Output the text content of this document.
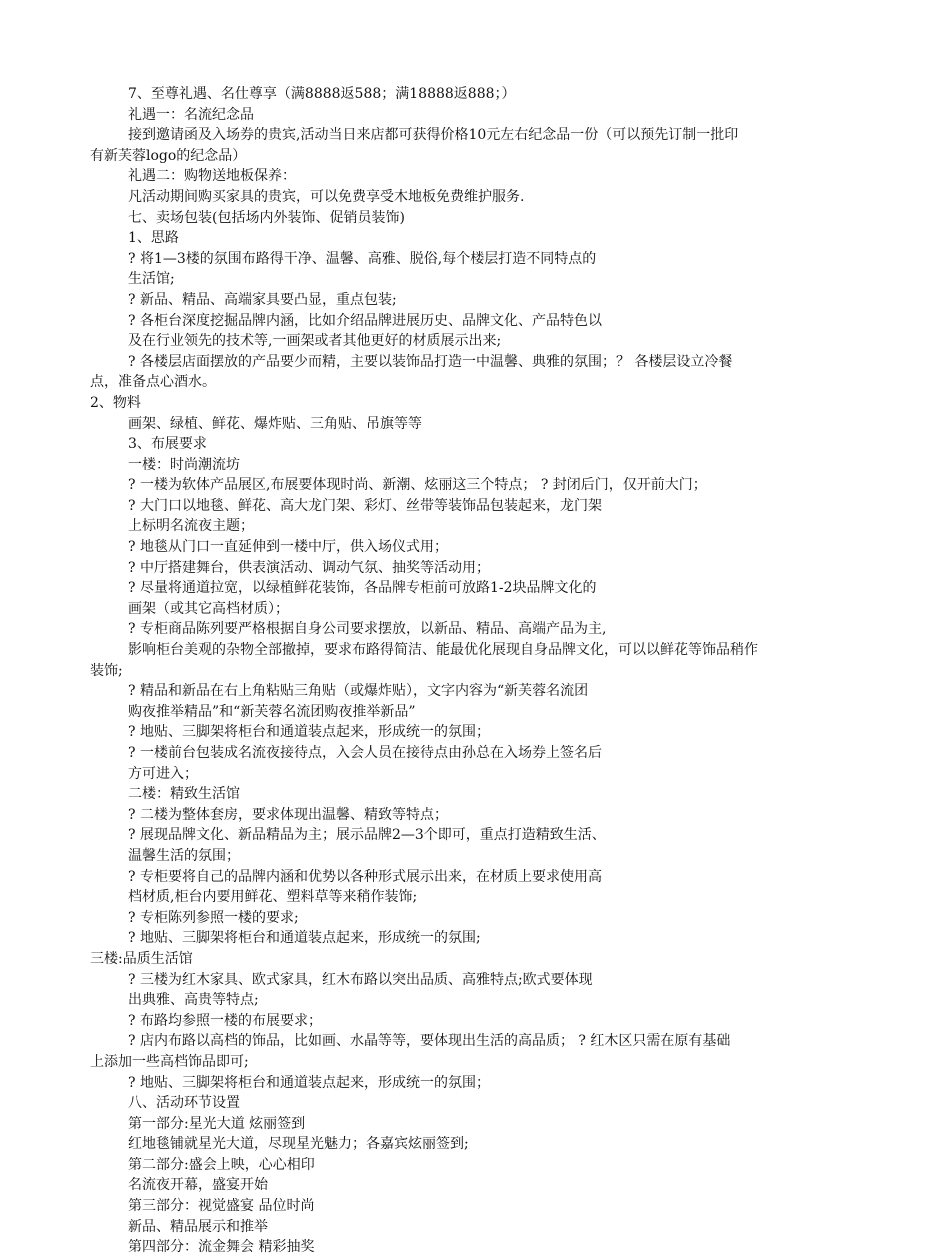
7、至尊礼遇、名仕尊享（满8888返588；满18888返888；）
礼遇一：名流纪念品
接到邀请函及入场券的贵宾,活动当日来店都可获得价格10元左右纪念品一份（可以预先订制一批印
有新芙蓉logo的纪念品）
礼遇二：购物送地板保养：
凡活动期间购买家具的贵宾，可以免费享受木地板免费维护服务.
七、卖场包装(包括场内外装饰、促销员装饰)
1、思路
? 将1—3楼的氛围布路得干净、温馨、高雅、脱俗,每个楼层打造不同特点的
生活馆;
? 新品、精品、高端家具要凸显，重点包装;
? 各柜台深度挖掘品牌内涵，比如介绍品牌进展历史、品牌文化、产品特色以
及在行业领先的技术等,一画架或者其他更好的材质展示出来;
? 各楼层店面摆放的产品要少而精，主要以装饰品打造一中温馨、典雅的氛围；？ 各楼层设立冷餐
点，准备点心酒水。
2、物料
画架、绿植、鲜花、爆炸贴、三角贴、吊旗等等
3、布展要求
一楼：时尚潮流坊
? 一楼为软体产品展区,布展要体现时尚、新潮、炫丽这三个特点； ? 封闭后门，仅开前大门；
? 大门口以地毯、鲜花、高大龙门架、彩灯、丝带等装饰品包装起来，龙门架
上标明名流夜主题；
? 地毯从门口一直延伸到一楼中厅，供入场仪式用；
? 中厅搭建舞台，供表演活动、调动气氛、抽奖等活动用；
? 尽量将通道拉宽，以绿植鲜花装饰，各品牌专柜前可放路1-2块品牌文化的
画架（或其它高档材质）；
? 专柜商品陈列要严格根据自身公司要求摆放，以新品、精品、高端产品为主,
影响柜台美观的杂物全部撤掉，要求布路得简洁、能最优化展现自身品牌文化，可以以鲜花等饰品稍作
装饰;
? 精品和新品在右上角粘贴三角贴（或爆炸贴），文字内容为“新芙蓉名流团
购夜推举精品”和“新芙蓉名流团购夜推举新品”
? 地贴、三脚架将柜台和通道装点起来，形成统一的氛围；
? 一楼前台包装成名流夜接待点，入会人员在接待点由孙总在入场券上签名后
方可进入；
二楼：精致生活馆
? 二楼为整体套房，要求体现出温馨、精致等特点；
? 展现品牌文化、新品精品为主；展示品牌2—3个即可，重点打造精致生活、
温馨生活的氛围；
? 专柜要将自己的品牌内涵和优势以各种形式展示出来，在材质上要求使用高
档材质,柜台内要用鲜花、塑料草等来稍作装饰;
? 专柜陈列参照一楼的要求;
? 地贴、三脚架将柜台和通道装点起来，形成统一的氛围;
三楼:品质生活馆
? 三楼为红木家具、欧式家具，红木布路以突出品质、高雅特点;欧式要体现
出典雅、高贵等特点;
? 布路均参照一楼的布展要求；
? 店内布路以高档的饰品，比如画、水晶等等，要体现出生活的高品质； ? 红木区只需在原有基础
上添加一些高档饰品即可;
? 地贴、三脚架将柜台和通道装点起来，形成统一的氛围；
八、活动环节设置
第一部分:星光大道 炫丽签到
红地毯铺就星光大道，尽现星光魅力；各嘉宾炫丽签到;
第二部分:盛会上映，心心相印
名流夜开幕，盛宴开始
第三部分：视觉盛宴 品位时尚
新品、精品展示和推举
第四部分：流金舞会 精彩抽奖
